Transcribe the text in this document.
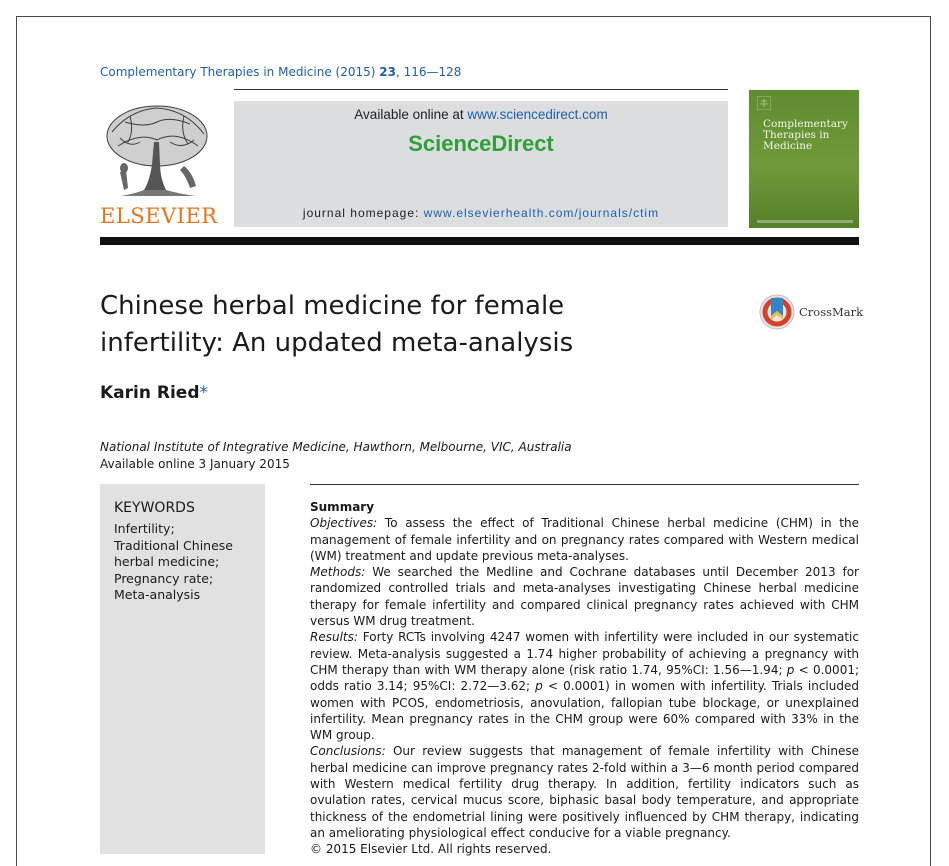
Complementary Therapies in Medicine (2015) 23, 116—128
ELSEVIER
Available online at www.sciencedirect.com
ScienceDirect
journal homepage: www.elsevierhealth.com/journals/ctim
Complementary Therapies in Medicine
Chinese herbal medicine for female
infertility: An updated meta-analysis
CrossMark
Karin Ried*
National Institute of Integrative Medicine, Hawthorn, Melbourne, VIC, Australia
Available online 3 January 2015
KEYWORDS
Infertility;
Traditional Chinese herbal medicine;
Pregnancy rate;
Meta-analysis
Summary

Objectives: To assess the effect of Traditional Chinese herbal medicine (CHM) in the management of female infertility and on pregnancy rates compared with Western medical (WM) treatment and update previous meta-analyses.

Methods: We searched the Medline and Cochrane databases until December 2013 for randomized controlled trials and meta-analyses investigating Chinese herbal medicine therapy for female infertility and compared clinical pregnancy rates achieved with CHM versus WM drug treatment.

Results: Forty RCTs involving 4247 women with infertility were included in our systematic review. Meta-analysis suggested a 1.74 higher probability of achieving a pregnancy with CHM therapy than with WM therapy alone (risk ratio 1.74, 95%CI: 1.56—1.94; p < 0.0001; odds ratio 3.14; 95%CI: 2.72—3.62; p < 0.0001) in women with infertility. Trials included women with PCOS, endometriosis, anovulation, fallopian tube blockage, or unexplained infertility. Mean pregnancy rates in the CHM group were 60% compared with 33% in the WM group.

Conclusions: Our review suggests that management of female infertility with Chinese herbal medicine can improve pregnancy rates 2-fold within a 3—6 month period compared with Western medical fertility drug therapy. In addition, fertility indicators such as ovulation rates, cervical mucus score, biphasic basal body temperature, and appropriate thickness of the endometrial lining were positively influenced by CHM therapy, indicating an ameliorating physiological effect conducive for a viable pregnancy.

© 2015 Elsevier Ltd. All rights reserved.
